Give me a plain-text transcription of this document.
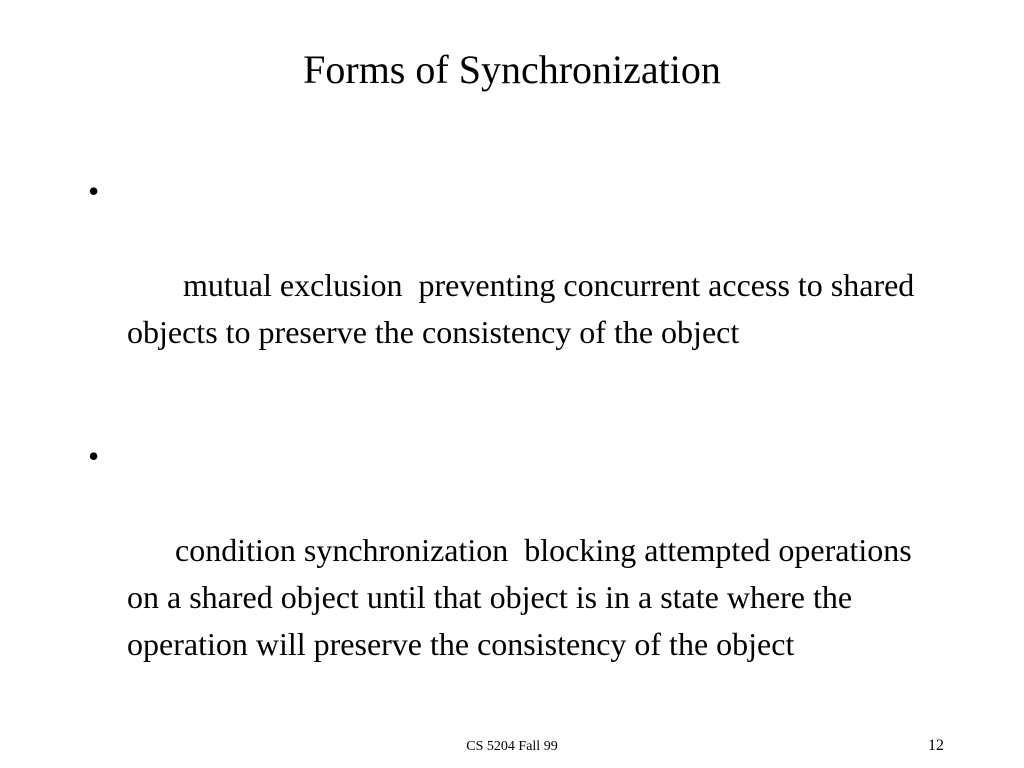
Forms of Synchronization

•

mutual exclusion  preventing concurrent access to shared objects to preserve the consistency of the object

•

condition synchronization  blocking attempted operations on a shared object until that object is in a state where the operation will preserve the consistency of the object

CS 5204 Fall 99	12
